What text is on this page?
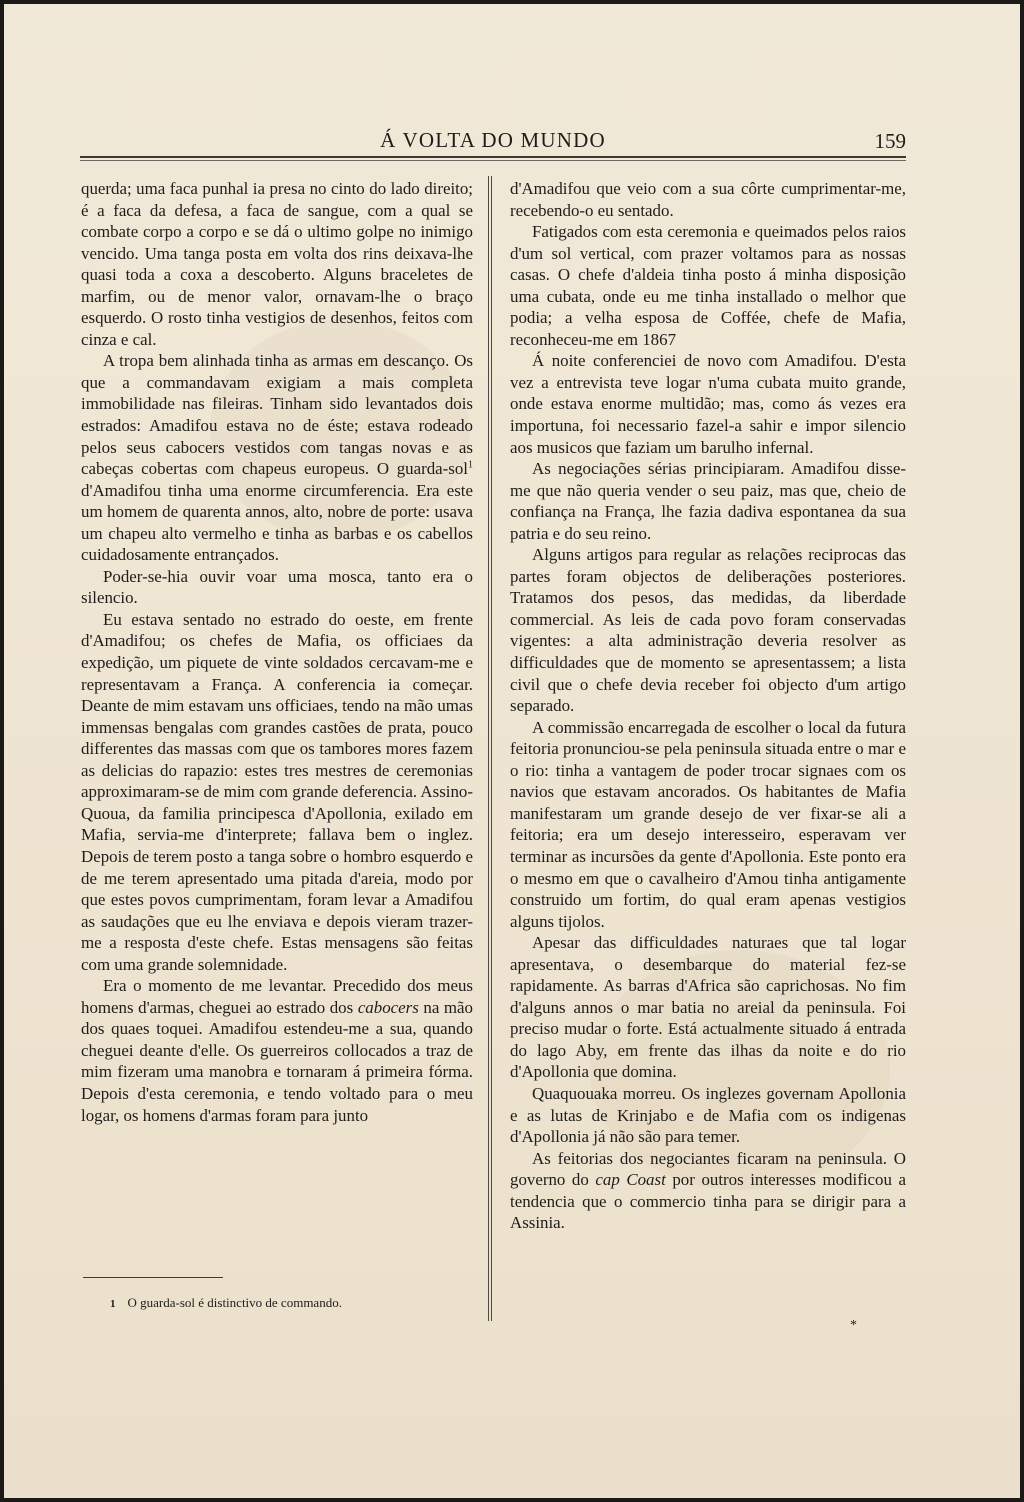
Á VOLTA DO MUNDO	159

querda; uma faca punhal ia presa no cinto do lado direito; é a faca da defesa, a faca de sangue, com a qual se combate corpo a corpo e se dá o ultimo golpe no inimigo vencido. Uma tanga posta em volta dos rins deixava-lhe quasi toda a coxa a descoberto. Alguns braceletes de marfim, ou de menor valor, ornavam-lhe o braço esquerdo. O rosto tinha vestigios de desenhos, feitos com cinza e cal.

A tropa bem alinhada tinha as armas em descanço. Os que a commandavam exigiam a mais completa immobilidade nas fileiras. Tinham sido levantados dois estrados: Amadifou estava no de éste; estava rodeado pelos seus cabocers vestidos com tangas novas e as cabeças cobertas com chapeus europeus. O guarda-sol$^1$ d'Amadifou tinha uma enorme circumferencia. Era este um homem de quarenta annos, alto, nobre de porte: usava um chapeu alto vermelho e tinha as barbas e os cabellos cuidadosamente entrançados.

Poder-se-hia ouvir voar uma mosca, tanto era o silencio.

Eu estava sentado no estrado do oeste, em frente d'Amadifou; os chefes de Mafia, os officiaes da expedição, um piquete de vinte soldados cercavam-me e representavam a França. A conferencia ia começar. Deante de mim estavam uns officiaes, tendo na mão umas immensas bengalas com grandes castões de prata, pouco differentes das massas com que os tambores mores fazem as delicias do rapazio: estes tres mestres de ceremonias approximaram-se de mim com grande deferencia. Assino-Quoua, da familia principesca d'Apollonia, exilado em Mafia, servia-me d'interprete; fallava bem o inglez. Depois de terem posto a tanga sobre o hombro esquerdo e de me terem apresentado uma pitada d'areia, modo por que estes povos cumprimentam, foram levar a Amadifou as saudações que eu lhe enviava e depois vieram trazer-me a resposta d'este chefe. Estas mensagens são feitas com uma grande solemnidade.

Era o momento de me levantar. Precedido dos meus homens d'armas, cheguei ao estrado dos cabocers na mão dos quaes toquei. Amadifou estendeu-me a sua, quando cheguei deante d'elle. Os guerreiros collocados a traz de mim fizeram uma manobra e tornaram á primeira fórma. Depois d'esta ceremonia, e tendo voltado para o meu logar, os homens d'armas foram para junto

d'Amadifou que veio com a sua côrte cumprimentar-me, recebendo-o eu sentado.

Fatigados com esta ceremonia e queimados pelos raios d'um sol vertical, com prazer voltamos para as nossas casas. O chefe d'aldeia tinha posto á minha disposição uma cubata, onde eu me tinha installado o melhor que podia; a velha esposa de Coffée, chefe de Mafia, reconheceu-me em 1867

Á noite conferenciei de novo com Amadifou. D'esta vez a entrevista teve logar n'uma cubata muito grande, onde estava enorme multidão; mas, como ás vezes era importuna, foi necessario fazel-a sahir e impor silencio aos musicos que faziam um barulho infernal.

As negociações sérias principiaram. Amadifou disse-me que não queria vender o seu paiz, mas que, cheio de confiança na França, lhe fazia dadiva espontanea da sua patria e do seu reino.

Alguns artigos para regular as relações reciprocas das partes foram objectos de deliberações posteriores. Tratamos dos pesos, das medidas, da liberdade commercial. As leis de cada povo foram conservadas vigentes: a alta administração deveria resolver as difficuldades que de momento se apresentassem; a lista civil que o chefe devia receber foi objecto d'um artigo separado.

A commissão encarregada de escolher o local da futura feitoria pronunciou-se pela peninsula situada entre o mar e o rio: tinha a vantagem de poder trocar signaes com os navios que estavam ancorados. Os habitantes de Mafia manifestaram um grande desejo de ver fixar-se ali a feitoria; era um desejo interesseiro, esperavam ver terminar as incursões da gente d'Apollonia. Este ponto era o mesmo em que o cavalheiro d'Amou tinha antigamente construido um fortim, do qual eram apenas vestigios alguns tijolos.

Apesar das difficuldades naturaes que tal logar apresentava, o desembarque do material fez-se rapidamente. As barras d'Africa são caprichosas. No fim d'alguns annos o mar batia no areial da peninsula. Foi preciso mudar o forte. Está actualmente situado á entrada do lago Aby, em frente das ilhas da noite e do rio d'Apollonia que domina.

Quaquouaka morreu. Os inglezes governam Apollonia e as lutas de Krinjabo e de Mafia com os indigenas d'Apollonia já não são para temer.

As feitorias dos negociantes ficaram na peninsula. O governo do cap Coast por outros interesses modificou a tendencia que o commercio tinha para se dirigir para a Assinia.

1 O guarda-sol é distinctivo de commando.
*
